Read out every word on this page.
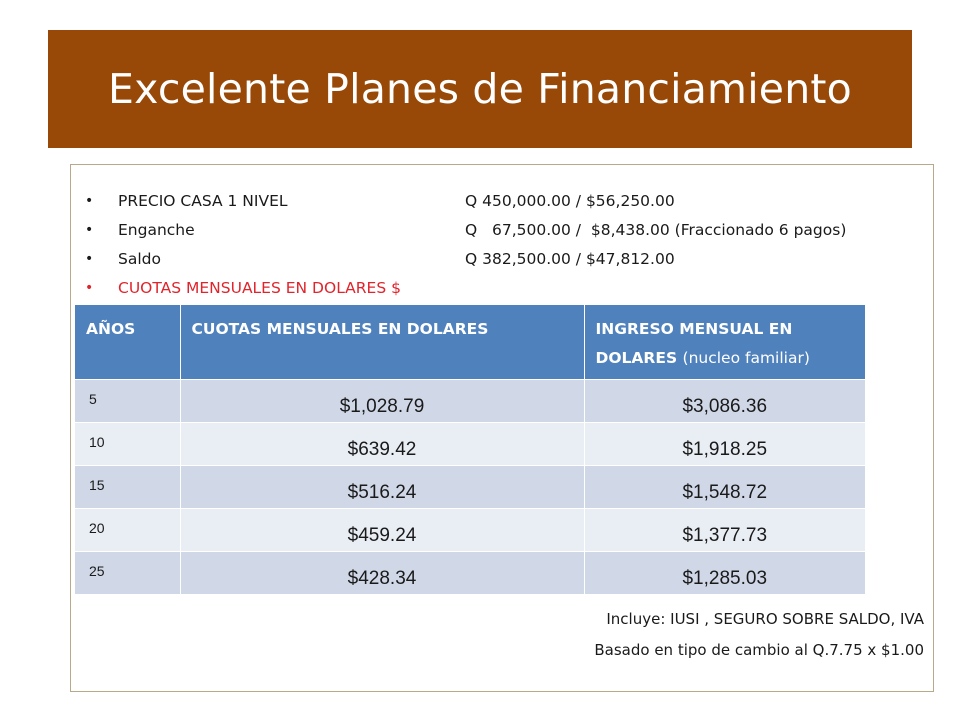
Excelente Planes de Financiamiento
•	PRECIO CASA 1 NIVEL	Q 450,000.00 / $56,250.00
•	Enganche	Q   67,500.00 /  $8,438.00 (Fraccionado 6 pagos)
•	Saldo	Q 382,500.00 / $47,812.00
•	CUOTAS MENSUALES EN DOLARES $
AÑOS	CUOTAS MENSUALES EN DOLARES	INGRESO MENSUAL EN DOLARES (nucleo familiar)
5	$1,028.79	$3,086.36
10	$639.42	$1,918.25
15	$516.24	$1,548.72
20	$459.24	$1,377.73
25	$428.34	$1,285.03
Incluye: IUSI , SEGURO SOBRE SALDO, IVA
Basado en tipo de cambio al Q.7.75 x $1.00
